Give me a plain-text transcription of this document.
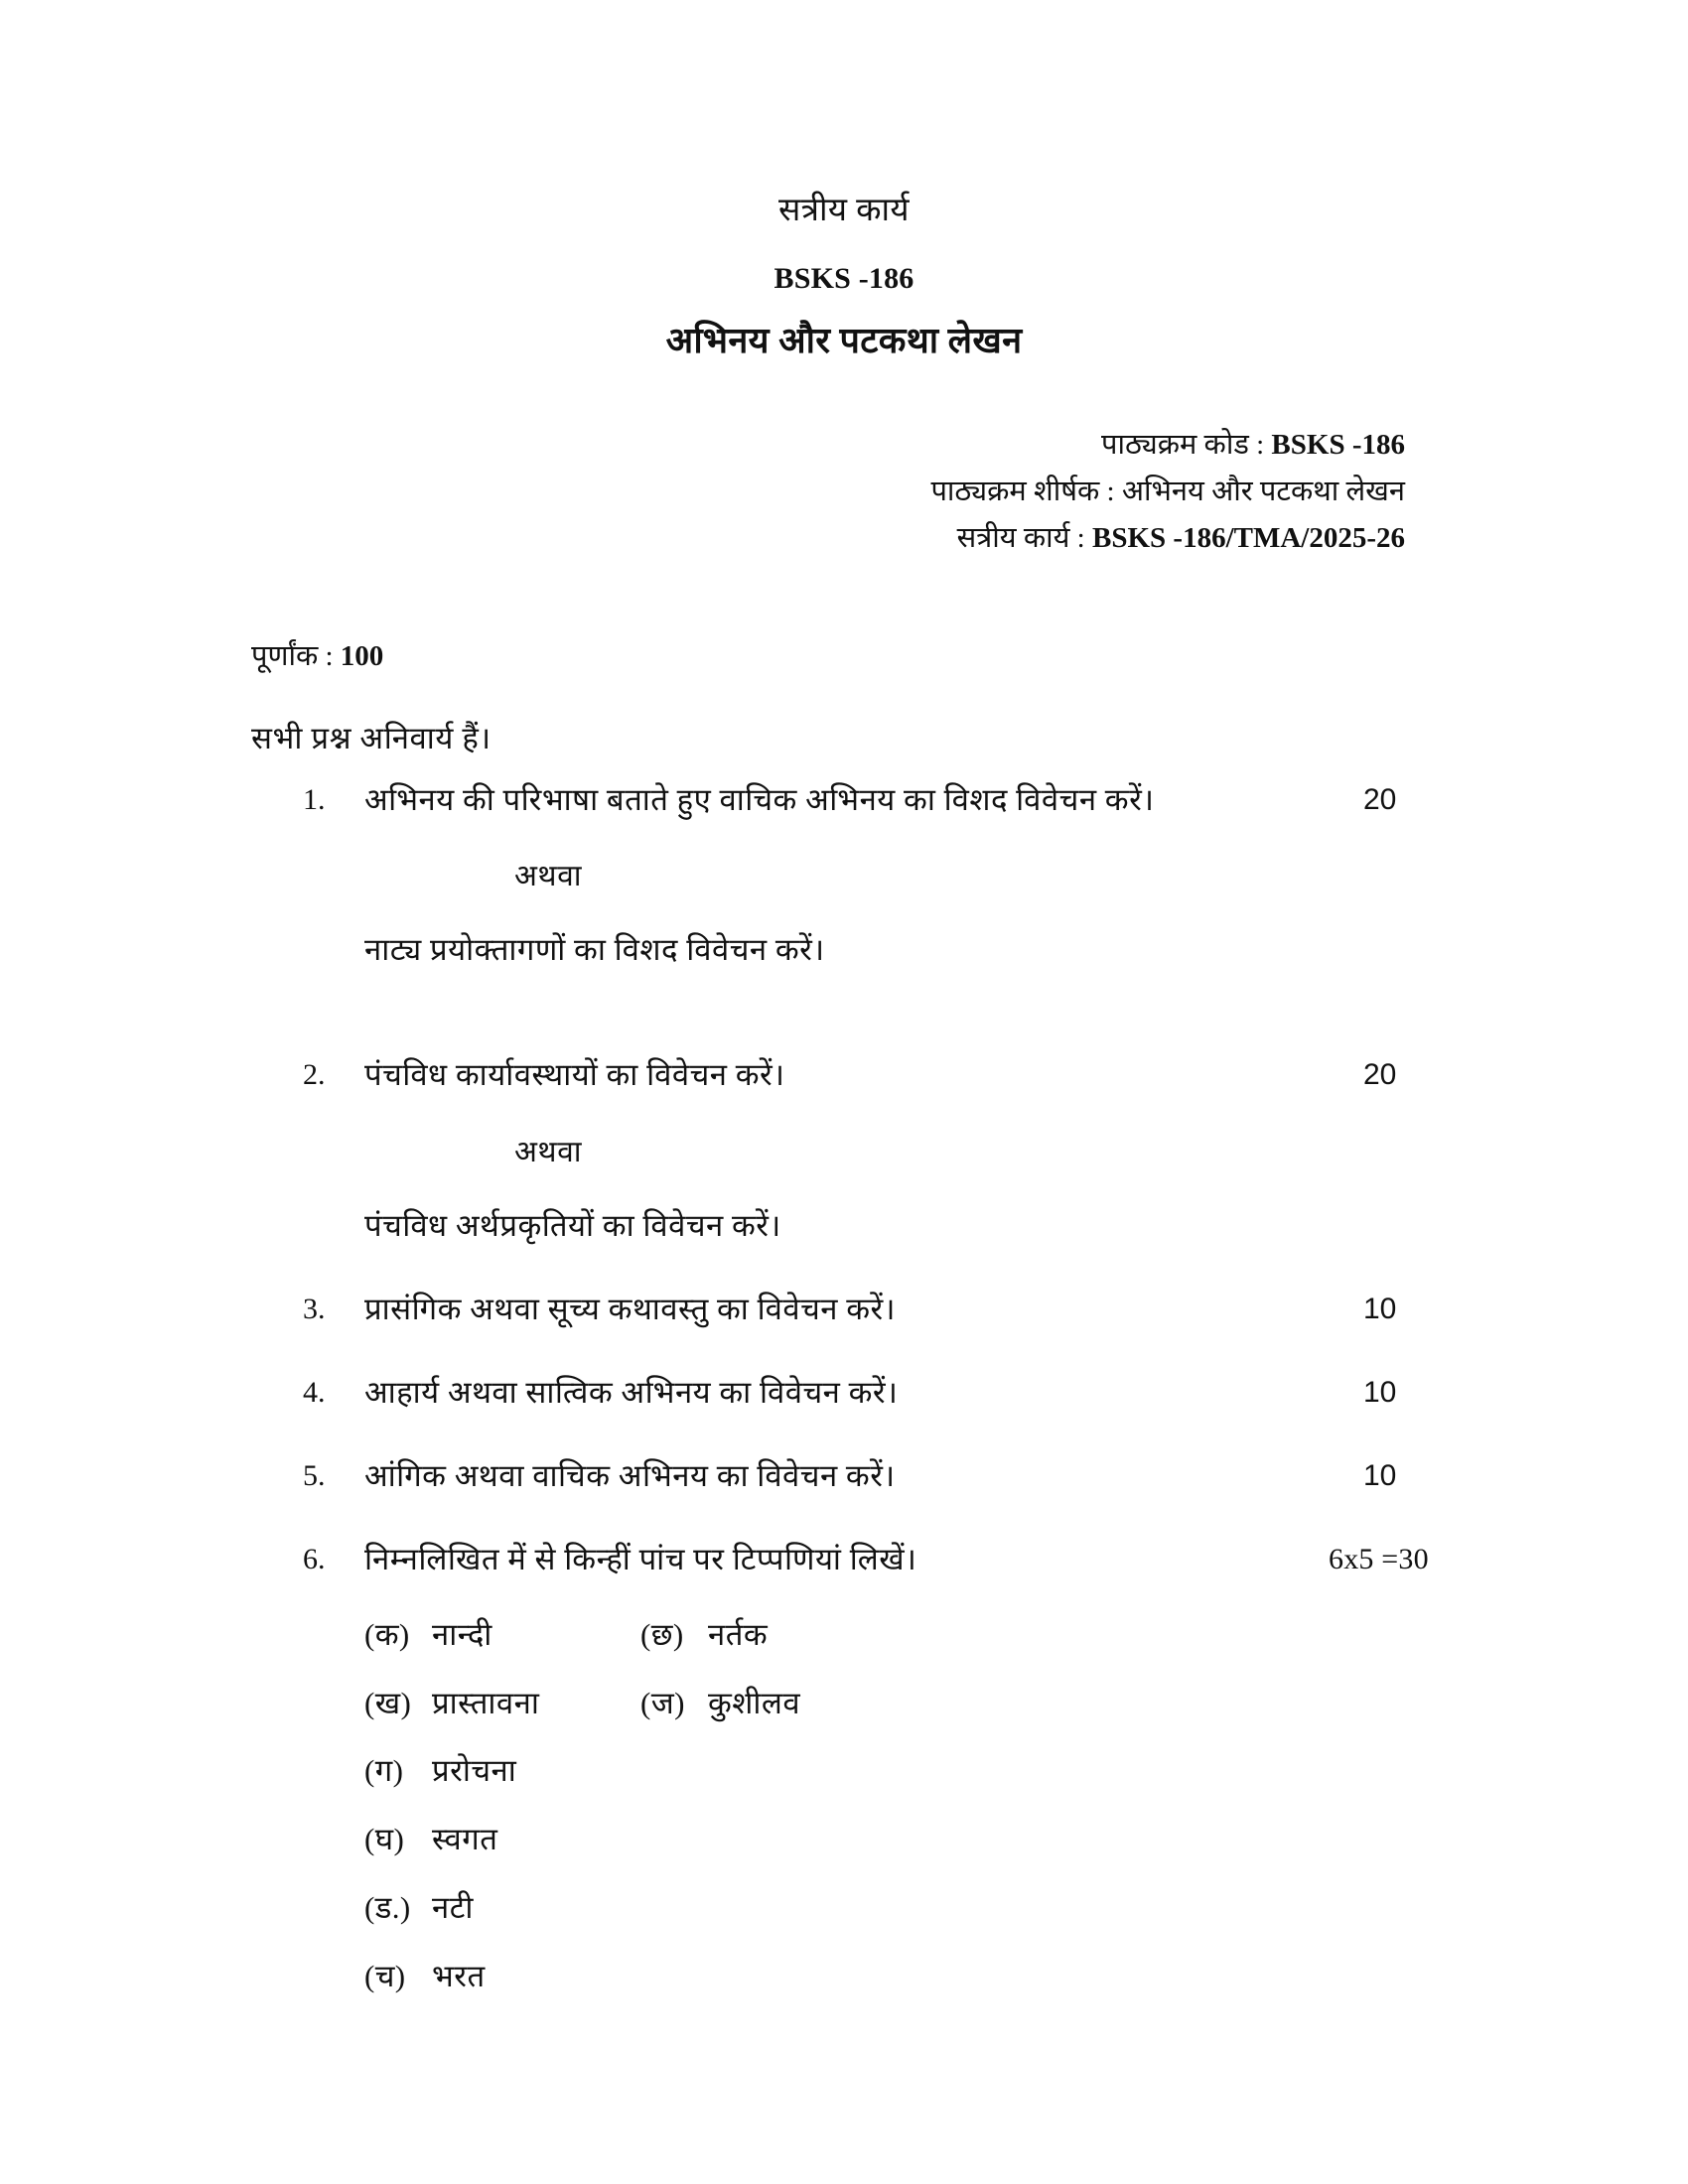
सत्रीय कार्य
BSKS -186
अभिनय और पटकथा लेखन
पाठ्यक्रम कोड : BSKS -186
पाठ्यक्रम शीर्षक : अभिनय और पटकथा लेखन
सत्रीय कार्य : BSKS -186/TMA/2025-26
पूर्णांक : 100
सभी प्रश्न अनिवार्य हैं।
1.	अभिनय की परिभाषा बताते हुए वाचिक अभिनय का विशद विवेचन करें।	20
अथवा
नाट्य प्रयोक्तागणों का विशद विवेचन करें।
2.	पंचविध कार्यावस्थायों का विवेचन करें।	20
अथवा
पंचविध अर्थप्रकृतियों का विवेचन करें।
3.	प्रासंगिक अथवा सूच्य कथावस्तु का विवेचन करें।	10
4.	आहार्य अथवा सात्विक अभिनय का विवेचन करें।	10
5.	आंगिक अथवा वाचिक अभिनय का विवेचन करें।	10
6.	निम्नलिखित में से किन्हीं पांच पर टिप्पणियां लिखें।	6x5 =30
(क) नान्दी	(छ) नर्तक
(ख) प्रास्तावना	(ज) कुशीलव
(ग) प्ररोचना
(घ) स्वगत
(ड.) नटी
(च) भरत
